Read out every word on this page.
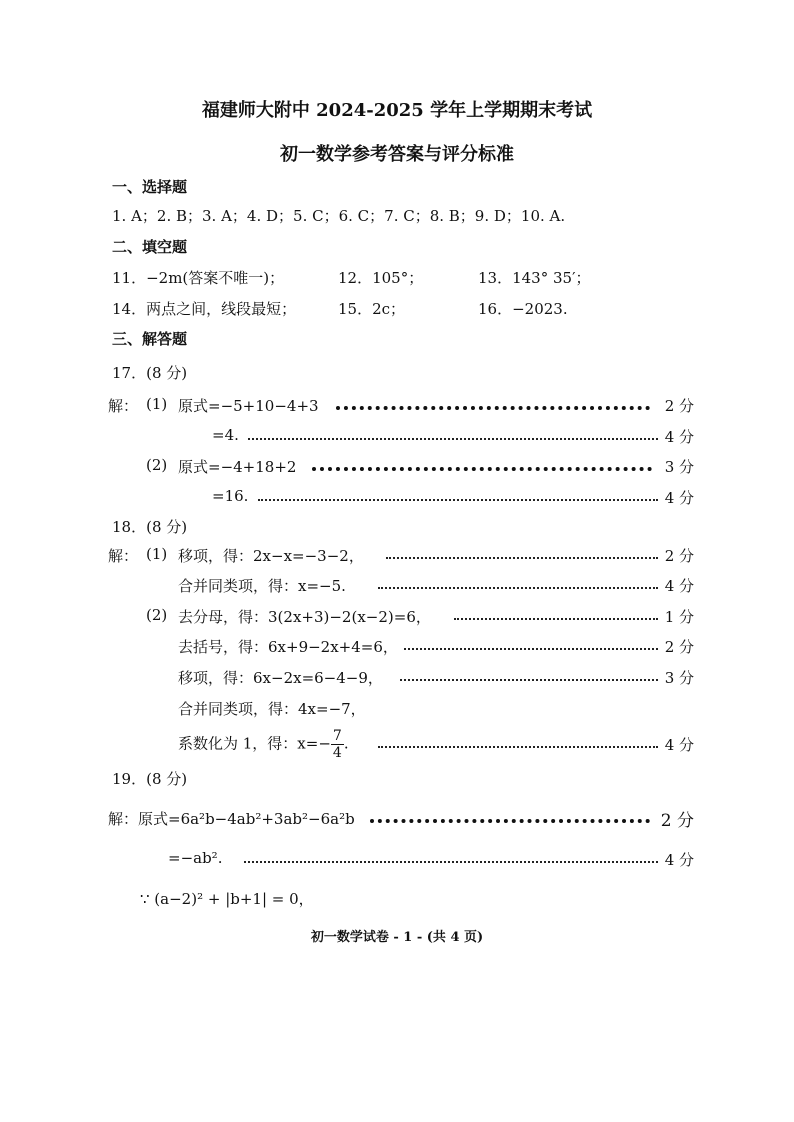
福建师大附中 2024-2025 学年上学期期末考试
初一数学参考答案与评分标准
一、选择题
1. A；2. B；3. A；4. D；5. C；6. C；7. C；8. B；9. D；10. A.
二、填空题
11．−2m(答案不唯一)；	12．105°；	13．143° 35′；
14．两点之间，线段最短；	15．2c；	16．−2023.
三、解答题
17．(8 分)
解： (1) 原式=−5+10−4+3	2 分
=4.	4 分
(2) 原式=−4+18+2	3 分
=16.	4 分
18．(8 分)
解： (1) 移项，得：2x−x=−3−2，	2 分
合并同类项，得：x=−5.	4 分
(2) 去分母，得：3(2x+3)−2(x−2)=6，	1 分
去括号，得：6x+9−2x+4=6，	2 分
移项，得：6x−2x=6−4−9，	3 分
合并同类项，得：4x=−7，
系数化为 1，得：$x=- \frac{7}{4}$ .	4 分
19．(8 分)
解： 原式=6a²b−4ab²+3ab²−6a²b	2 分
=−ab².	4 分
∵ (a−2)² + |b+1| = 0，
初一数学试卷 - 1 - (共 4 页)
